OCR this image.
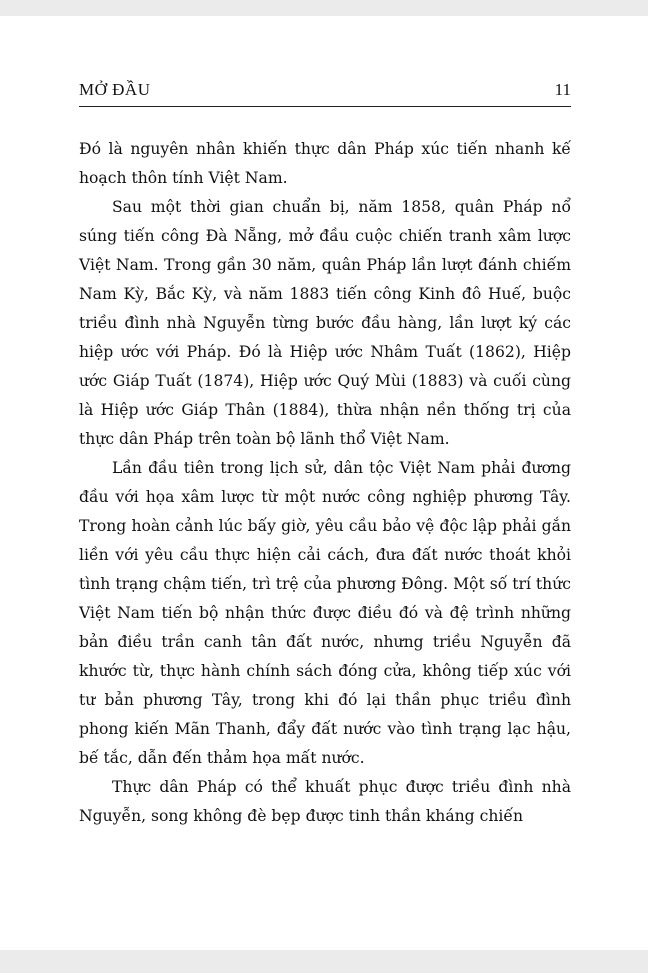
MỞ ĐẦU	11

Đó là nguyên nhân khiến thực dân Pháp xúc tiến nhanh kế hoạch thôn tính Việt Nam.

Sau một thời gian chuẩn bị, năm 1858, quân Pháp nổ súng tiến công Đà Nẵng, mở đầu cuộc chiến tranh xâm lược Việt Nam. Trong gần 30 năm, quân Pháp lần lượt đánh chiếm Nam Kỳ, Bắc Kỳ, và năm 1883 tiến công Kinh đô Huế, buộc triều đình nhà Nguyễn từng bước đầu hàng, lần lượt ký các hiệp ước với Pháp. Đó là Hiệp ước Nhâm Tuất (1862), Hiệp ước Giáp Tuất (1874), Hiệp ước Quý Mùi (1883) và cuối cùng là Hiệp ước Giáp Thân (1884), thừa nhận nền thống trị của thực dân Pháp trên toàn bộ lãnh thổ Việt Nam.

Lần đầu tiên trong lịch sử, dân tộc Việt Nam phải đương đầu với họa xâm lược từ một nước công nghiệp phương Tây. Trong hoàn cảnh lúc bấy giờ, yêu cầu bảo vệ độc lập phải gắn liền với yêu cầu thực hiện cải cách, đưa đất nước thoát khỏi tình trạng chậm tiến, trì trệ của phương Đông. Một số trí thức Việt Nam tiến bộ nhận thức được điều đó và đệ trình những bản điều trần canh tân đất nước, nhưng triều Nguyễn đã khước từ, thực hành chính sách đóng cửa, không tiếp xúc với tư bản phương Tây, trong khi đó lại thần phục triều đình phong kiến Mãn Thanh, đẩy đất nước vào tình trạng lạc hậu, bế tắc, dẫn đến thảm họa mất nước.

Thực dân Pháp có thể khuất phục được triều đình nhà Nguyễn, song không đè bẹp được tinh thần kháng chiến
